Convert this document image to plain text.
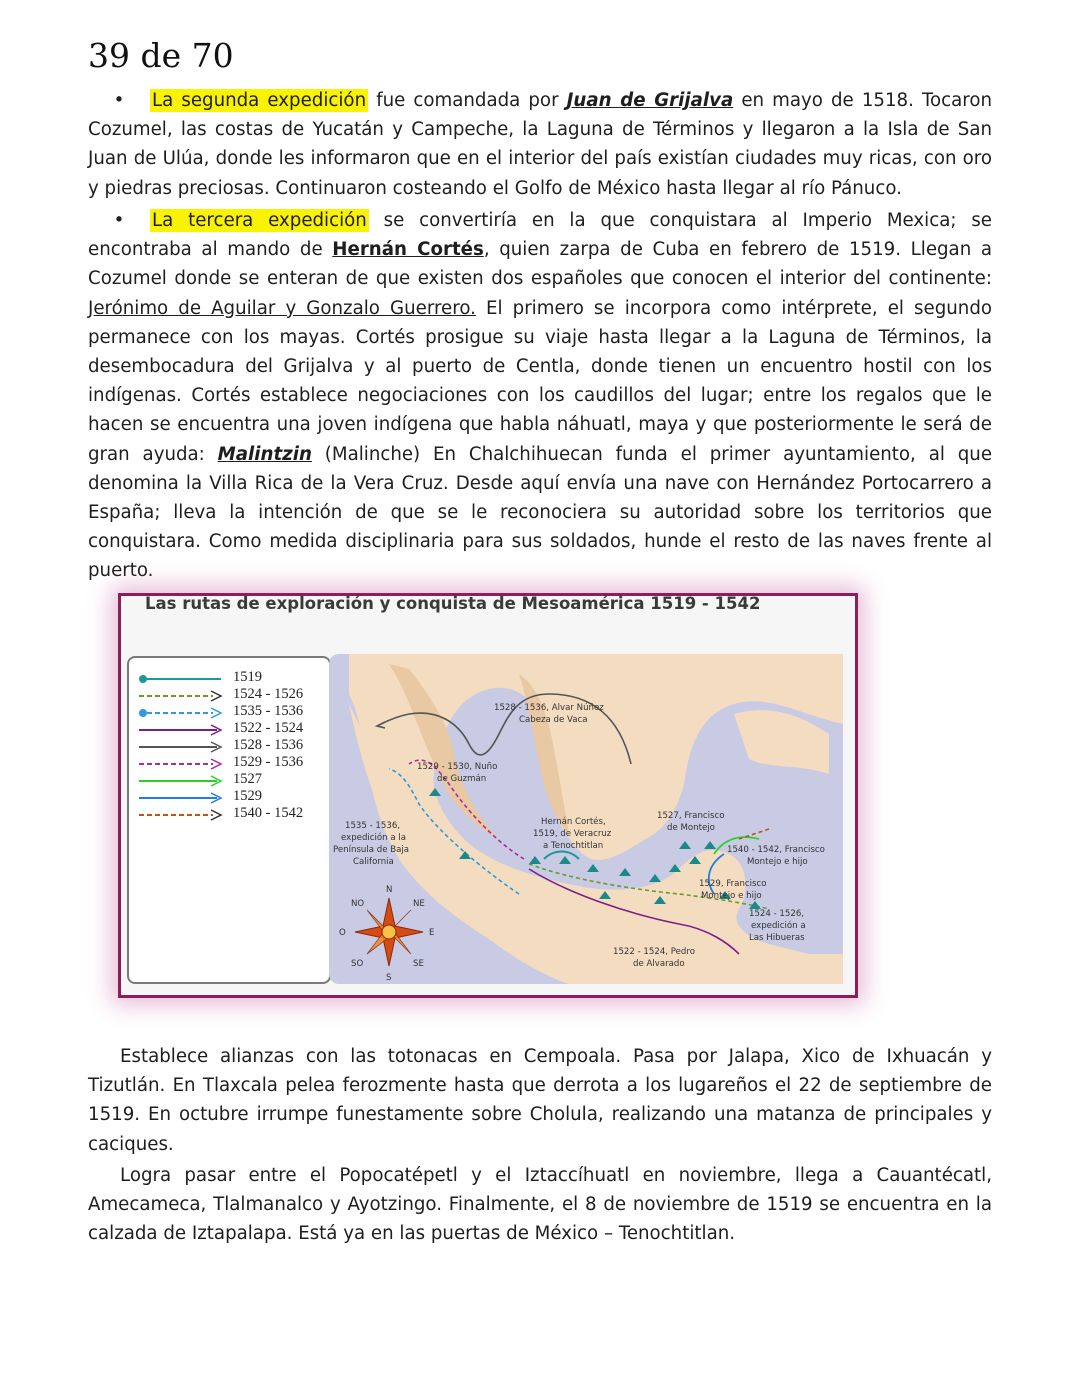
39 de 70

• La segunda expedición fue comandada por Juan de Grijalva en mayo de 1518. Tocaron Cozumel, las costas de Yucatán y Campeche, la Laguna de Términos y llegaron a la Isla de San Juan de Ulúa, donde les informaron que en el interior del país existían ciudades muy ricas, con oro y piedras preciosas. Continuaron costeando el Golfo de México hasta llegar al río Pánuco.

• La tercera expedición se convertiría en la que conquistara al Imperio Mexica; se encontraba al mando de Hernán Cortés, quien zarpa de Cuba en febrero de 1519. Llegan a Cozumel donde se enteran de que existen dos españoles que conocen el interior del continente: Jerónimo de Aguilar y Gonzalo Guerrero. El primero se incorpora como intérprete, el segundo permanece con los mayas. Cortés prosigue su viaje hasta llegar a la Laguna de Términos, la desembocadura del Grijalva y al puerto de Centla, donde tienen un encuentro hostil con los indígenas. Cortés establece negociaciones con los caudillos del lugar; entre los regalos que le hacen se encuentra una joven indígena que habla náhuatl, maya y que posteriormente le será de gran ayuda: Malintzin (Malinche) En Chalchihuecan funda el primer ayuntamiento, al que denomina la Villa Rica de la Vera Cruz. Desde aquí envía una nave con Hernández Portocarrero a España; lleva la intención de que se le reconociera su autoridad sobre los territorios que conquistara. Como medida disciplinaria para sus soldados, hunde el resto de las naves frente al puerto.

Las rutas de exploración y conquista de Mesoamérica 1519 - 1542
1519
1524 - 1526
1535 - 1536
1522 - 1524
1528 - 1536
1529 - 1536
1527
1529
1540 - 1542
1528 - 1536, Alvar Núñez
Cabeza de Vaca
1529 - 1530, Nuño
de Guzmán
1535 - 1536,
expedición a la
Península de Baja
California
Hernán Cortés,
1519, de Veracruz
a Tenochtitlan
1527, Francisco
de Montejo
1540 - 1542, Francisco
Montejo e hijo
1529, Francisco
Montejo e hijo
1524 - 1526,
expedición a
Las Hibueras
1522 - 1524, Pedro
de Alvarado
N
S
E
O
NE
NO
SE
SO

Establece alianzas con las totonacas en Cempoala. Pasa por Jalapa, Xico de Ixhuacán y Tizutlán. En Tlaxcala pelea ferozmente hasta que derrota a los lugareños el 22 de septiembre de 1519. En octubre irrumpe funestamente sobre Cholula, realizando una matanza de principales y caciques.

Logra pasar entre el Popocatépetl y el Iztaccíhuatl en noviembre, llega a Cauantécatl, Amecameca, Tlalmanalco y Ayotzingo. Finalmente, el 8 de noviembre de 1519 se encuentra en la calzada de Iztapalapa. Está ya en las puertas de México – Tenochtitlan.
